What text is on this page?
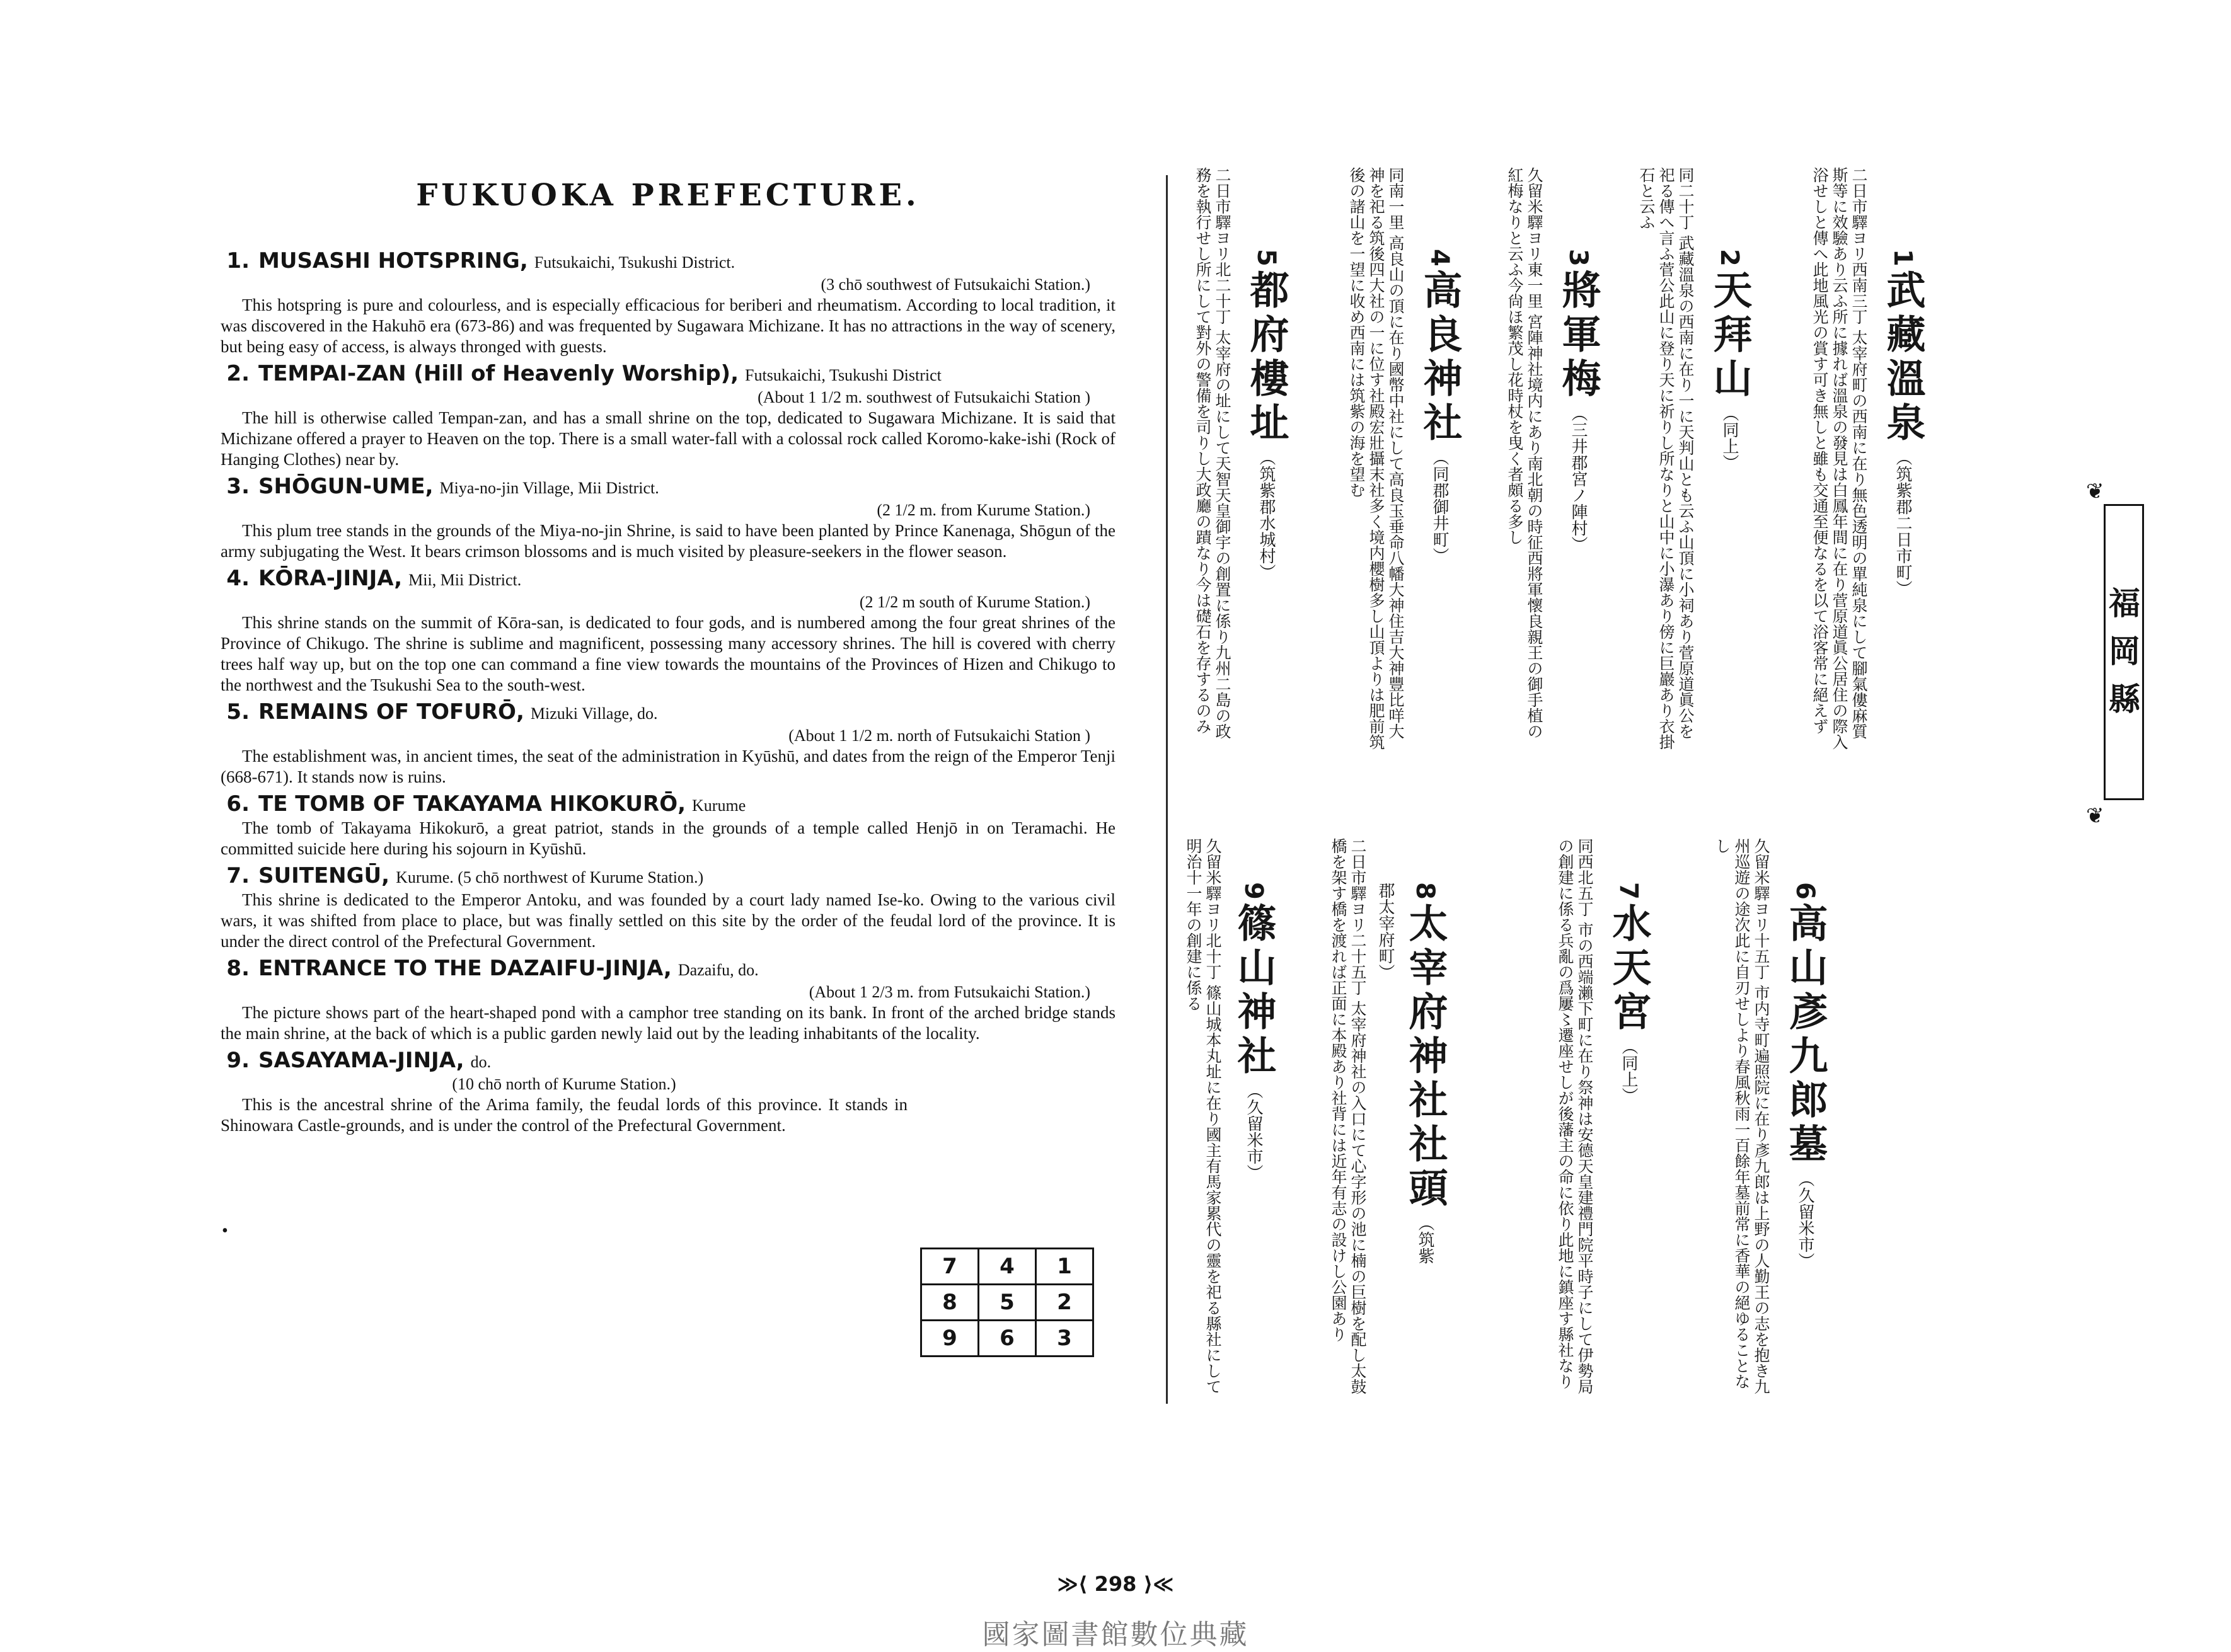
FUKUOKA PREFECTURE.
1. MUSASHI HOTSPRING, Futsukaichi, Tsukushi District.
(3 chō southwest of Futsukaichi Station.)
This hotspring is pure and colourless, and is especially efficacious for beriberi and rheumatism. According to local tradition, it was discovered in the Hakuhō era (673-86) and was frequented by Sugawara Michizane. It has no attractions in the way of scenery, but being easy of access, is always thronged with guests.
2. TEMPAI-ZAN (Hill of Heavenly Worship), Futsukaichi, Tsukushi District
(About 1 1/2 m. southwest of Futsukaichi Station )
The hill is otherwise called Tempan-zan, and has a small shrine on the top, dedicated to Sugawara Michizane. It is said that Michizane offered a prayer to Heaven on the top. There is a small water-fall with a colossal rock called Koromo-kake-ishi (Rock of Hanging Clothes) near by.
3. SHŌGUN-UME, Miya-no-jin Village, Mii District.
(2 1/2 m. from Kurume Station.)
This plum tree stands in the grounds of the Miya-no-jin Shrine, is said to have been planted by Prince Kanenaga, Shōgun of the army subjugating the West. It bears crimson blossoms and is much visited by pleasure-seekers in the flower season.
4. KŌRA-JINJA, Mii, Mii District.
(2 1/2 m south of Kurume Station.)
This shrine stands on the summit of Kōra-san, is dedicated to four gods, and is numbered among the four great shrines of the Province of Chikugo. The shrine is sublime and magnificent, possessing many accessory shrines. The hill is covered with cherry trees half way up, but on the top one can command a fine view towards the mountains of the Provinces of Hizen and Chikugo to the northwest and the Tsukushi Sea to the south-west.
5. REMAINS OF TOFURŌ, Mizuki Village, do.
(About 1 1/2 m. north of Futsukaichi Station )
The establishment was, in ancient times, the seat of the administration in Kyūshū, and dates from the reign of the Emperor Tenji (668-671). It stands now is ruins.
6. TE TOMB OF TAKAYAMA HIKOKURŌ, Kurume
The tomb of Takayama Hikokurō, a great patriot, stands in the grounds of a temple called Henjō in on Teramachi. He committed suicide here during his sojourn in Kyūshū.
7. SUITENGŪ, Kurume. (5 chō northwest of Kurume Station.)
This shrine is dedicated to the Emperor Antoku, and was founded by a court lady named Ise-ko. Owing to the various civil wars, it was shifted from place to place, but was finally settled on this site by the order of the feudal lord of the province. It is under the direct control of the Prefectural Government.
8. ENTRANCE TO THE DAZAIFU-JINJA, Dazaifu, do.
(About 1 2/3 m. from Futsukaichi Station.)
The picture shows part of the heart-shaped pond with a camphor tree standing on its bank. In front of the arched bridge stands the main shrine, at the back of which is a public garden newly laid out by the leading inhabitants of the locality.
9. SASAYAMA-JINJA, do.
(10 chō north of Kurume Station.)
This is the ancestral shrine of the Arima family, the feudal lords of this province. It stands in Shinowara Castle-grounds, and is under the control of the Prefectural Government.
•
7	4	1
8	5	2
9	6	3
❦
福岡縣
❦
1 武藏溫泉 （筑紫郡二日市町）
二日市驛ヨリ西南三丁 太宰府町の西南に在り無色透明の單純泉にして腳氣僂麻質斯等に效驗あり云ふ所に據れば溫泉の發見は白鳳年間に在り菅原道眞公居住の際入浴せしと傳へ此地風光の賞す可き無しと雖も交通至便なるを以て浴客常に絕えず
2 天拜山 （同上）
同二十丁 武藏溫泉の西南に在り一に天判山とも云ふ山頂に小祠あり菅原道眞公を祀る傳へ言ふ菅公此山に登り天に祈りし所なりと山中に小瀑あり傍に巨巖あり衣掛石と云ふ
3 將軍梅 （三井郡宮ノ陣村）
久留米驛ヨリ東一里 宮陣神社境内にあり南北朝の時征西將軍懷良親王の御手植の紅梅なりと云ふ今尙ほ繁茂し花時杖を曳く者頗る多し
4 高良神社 （同郡御井町）
同南一里 高良山の頂に在り國幣中社にして高良玉垂命八幡大神住吉大神豐比咩大神を祀る筑後四大社の一に位す社殿宏壯攝末社多く境内櫻樹多し山頂よりは肥前筑後の諸山を一望に收め西南には筑紫の海を望む
5 都府樓址 （筑紫郡水城村）
二日市驛ヨリ北二十丁 太宰府の址にして天智天皇御宇の創置に係り九州二島の政務を執行せし所にして對外の警備を司りし大政廳の蹟なり今は礎石を存するのみ
6 高山彥九郎墓 （久留米市）
久留米驛ヨリ十五丁 市内寺町遍照院に在り彥九郎は上野の人勤王の志を抱き九州巡遊の途次此に自刃せしより春風秋雨一百餘年墓前常に香華の絕ゆることなし
7 水天宮 （同上）
同西北五丁 市の西端瀨下町に在り祭神は安德天皇建禮門院平時子にして伊勢局の創建に係る兵亂の爲屢〻遷座せしが後藩主の命に依り此地に鎮座す縣社なり
8 太宰府神社社頭 （筑紫郡太宰府町）
二日市驛ヨリ二十五丁 太宰府神社の入口にて心字形の池に楠の巨樹を配し太鼓橋を架す橋を渡れば正面に本殿あり社背には近年有志の設けし公園あり
9 篠山神社 （久留米市）
久留米驛ヨリ北十丁 篠山城本丸址に在り國主有馬家累代の靈を祀る縣社にして明治十一年の創建に係る
≫⟨ 298 ⟩≪
國家圖書館數位典藏
